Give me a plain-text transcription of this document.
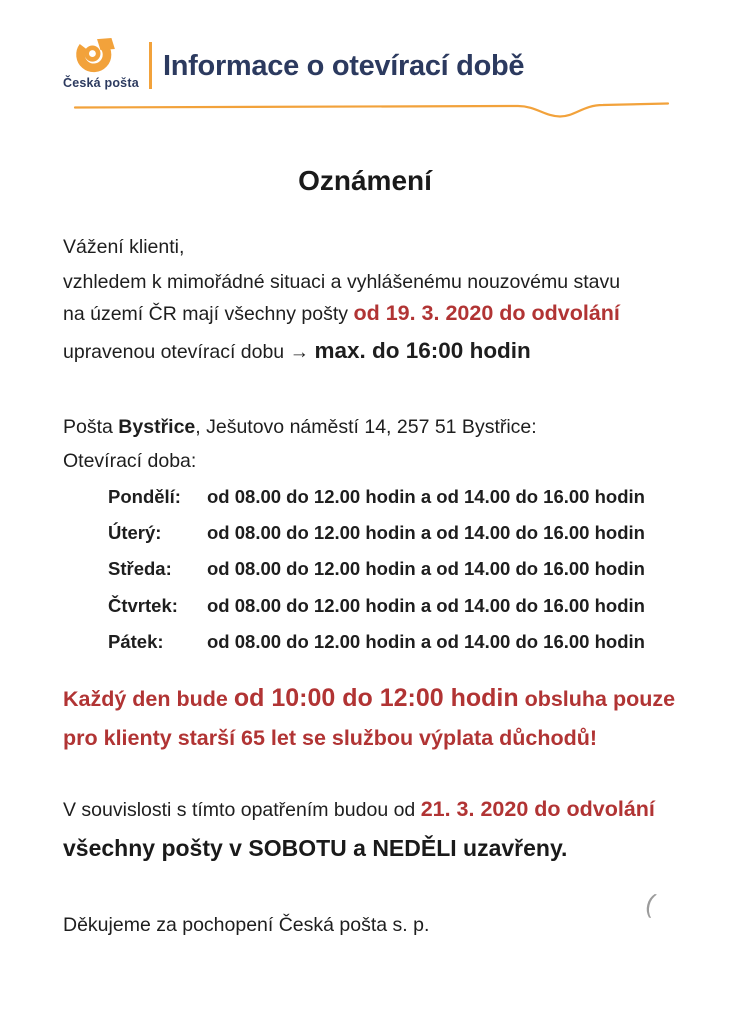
Česká pošta
Informace o otevírací době
Oznámení
Vážení klienti,
vzhledem k mimořádné situaci a vyhlášenému nouzovému stavu
na území ČR mají všechny pošty od 19. 3. 2020 do odvolání
upravenou otevírací dobu → max. do 16:00 hodin
Pošta Bystřice, Ješutovo náměstí 14, 257 51 Bystřice:
Otevírací doba:
Pondělí: od 08.00 do 12.00 hodin a od 14.00 do 16.00 hodin
Úterý: od 08.00 do 12.00 hodin a od 14.00 do 16.00 hodin
Středa: od 08.00 do 12.00 hodin a od 14.00 do 16.00 hodin
Čtvrtek: od 08.00 do 12.00 hodin a od 14.00 do 16.00 hodin
Pátek: od 08.00 do 12.00 hodin a od 14.00 do 16.00 hodin
Každý den bude od 10:00 do 12:00 hodin obsluha pouze
pro klienty starší 65 let se službou výplata důchodů!
V souvislosti s tímto opatřením budou od 21. 3. 2020 do odvolání
všechny pošty v SOBOTU a NEDĚLI uzavřeny.
Děkujeme za pochopení Česká pošta s. p.
(
